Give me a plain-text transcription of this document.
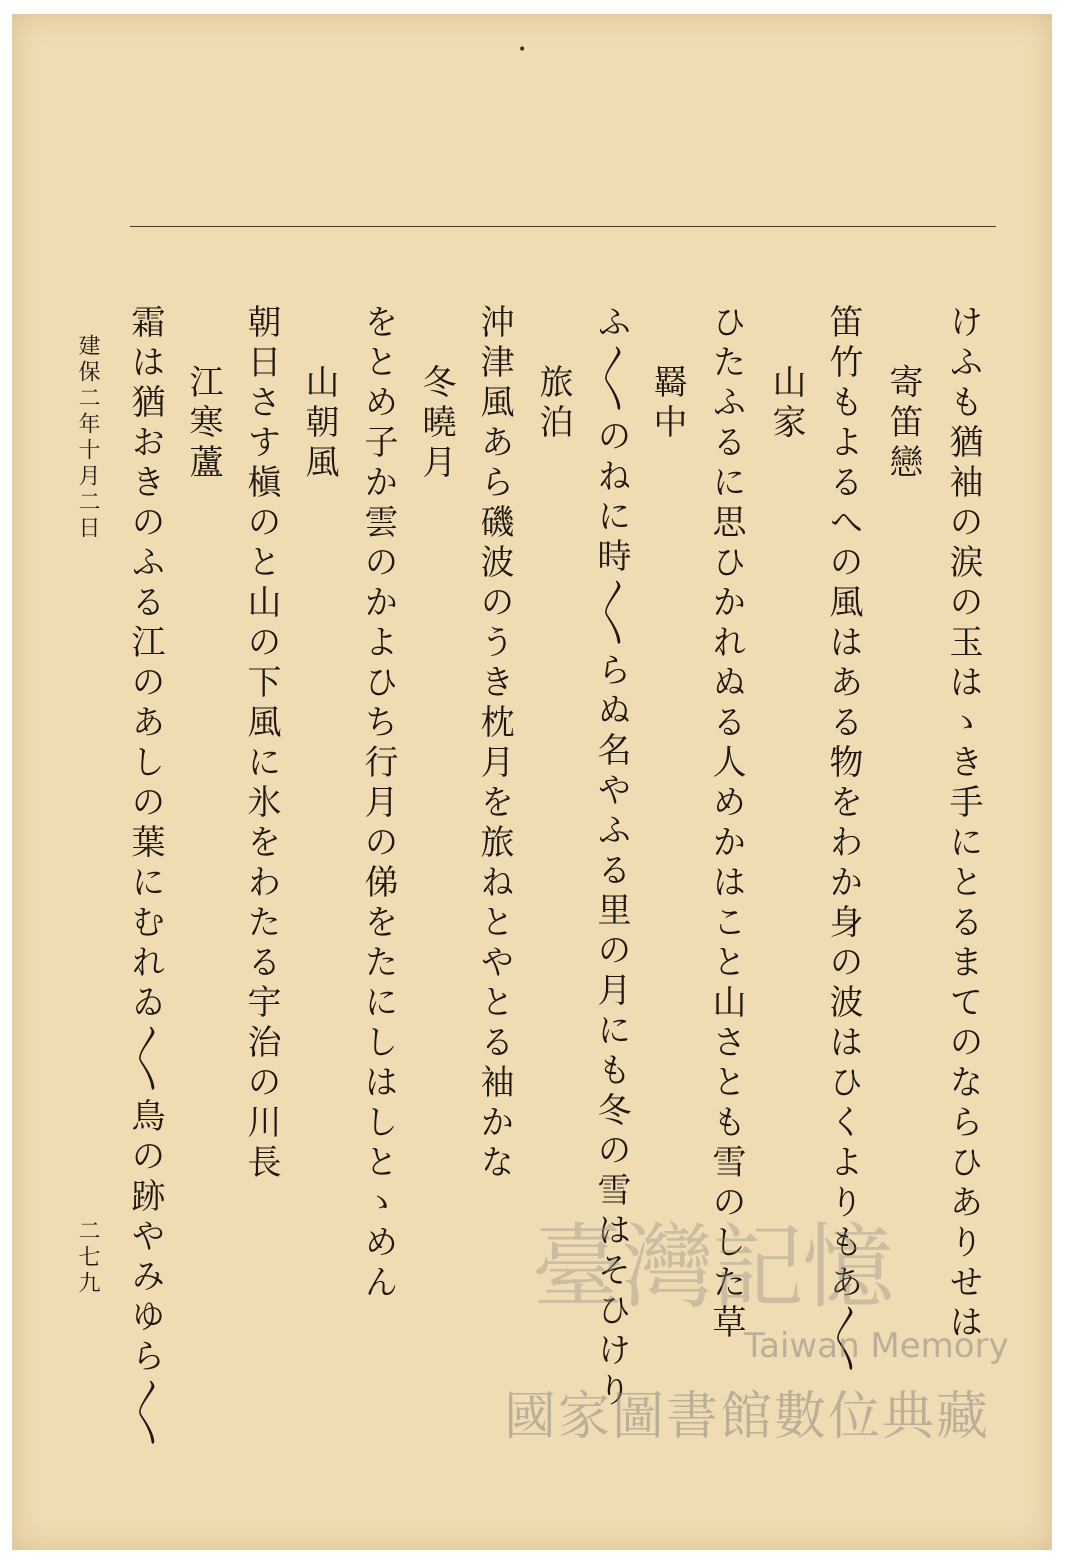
•
けふも猶袖の涙の玉はゝき手にとるまてのならひありせは
寄笛戀
笛竹もよるへの風はある物をわか身の波はひくよりもあ〳〵
山家
ひたふるに思ひかれぬる人めかはこと山さとも雪のした草
羇中
ふ〳〵のねに時〳〵らぬ名やふる里の月にも冬の雪はそひけり
旅泊
沖津風あら磯波のうき枕月を旅ねとやとる袖かな
冬曉月
をとめ子か雲のかよひち行月の俤をたにしはしとゝめん
山朝風
朝日さす槇のと山の下風に氷をわたる宇治の川長
江寒蘆
霜は猶おきのふる江のあしの葉にむれゐ〳〵鳥の跡やみゆら〳〵
建保二年十月二日
二七九	臺灣記憶
Taiwan Memory
國家圖書館數位典藏
